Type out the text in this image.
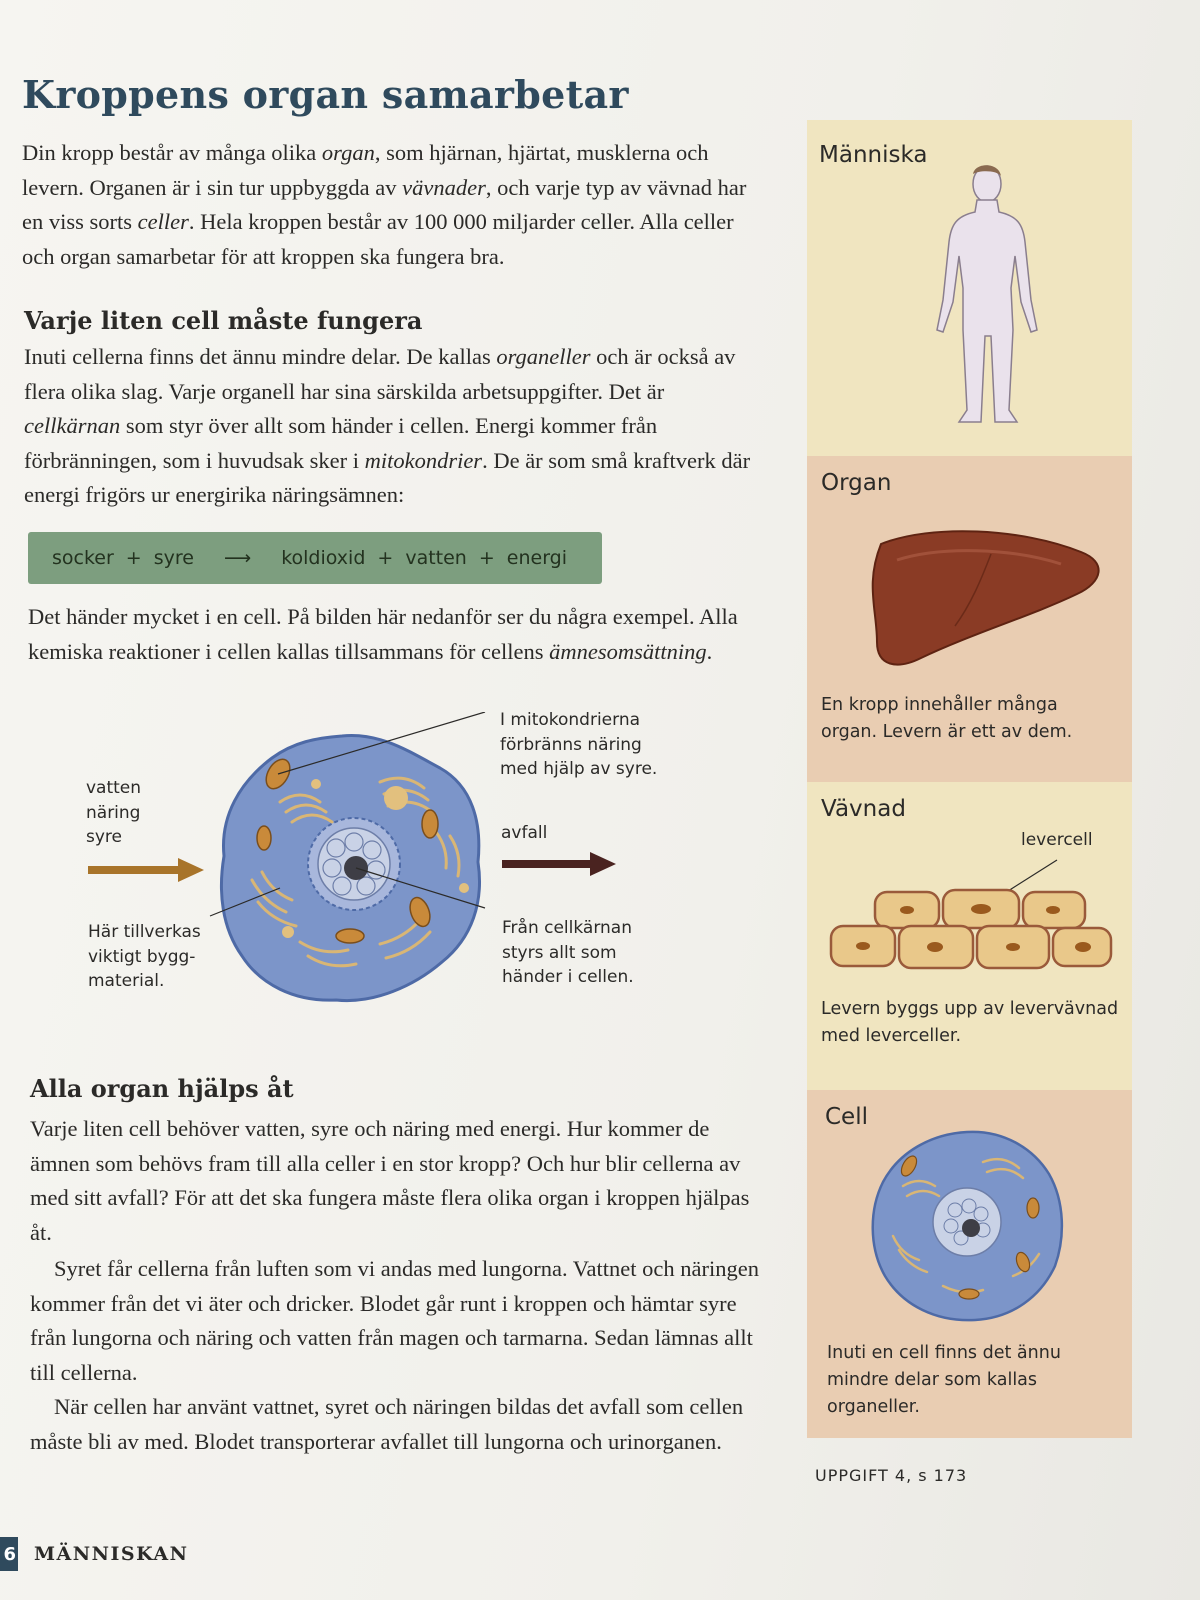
Kroppens organ samarbetar

Din kropp består av många olika organ, som hjärnan, hjärtat, musklerna och levern. Organen är i sin tur uppbyggda av vävnader, och varje typ av vävnad har en viss sorts celler. Hela kroppen består av 100 000 miljarder celler. Alla celler och organ samarbetar för att kroppen ska fungera bra.

Varje liten cell måste fungera

Inuti cellerna finns det ännu mindre delar. De kallas organeller och är också av flera olika slag. Varje organell har sina särskilda arbetsuppgifter. Det är cellkärnan som styr över allt som händer i cellen. Energi kommer från förbränningen, som i huvudsak sker i mitokondrier. De är som små kraftverk där energi frigörs ur energirika näringsämnen:

socker + syre ⟶ koldioxid + vatten + energi

Det händer mycket i en cell. På bilden här nedanför ser du några exempel. Alla kemiska reaktioner i cellen kallas tillsammans för cellens ämnesomsättning.

vatten
näring
syre

I mitokondrierna
förbränns näring
med hjälp av syre.

avfall

Här tillverkas
viktigt bygg-
material.

Från cellkärnan
styrs allt som
händer i cellen.

Alla organ hjälps åt

Varje liten cell behöver vatten, syre och näring med energi. Hur kommer de ämnen som behövs fram till alla celler i en stor kropp? Och hur blir cellerna av med sitt avfall? För att det ska fungera måste flera olika organ i kroppen hjälpas åt.

Syret får cellerna från luften som vi andas med lungorna. Vattnet och näringen kommer från det vi äter och dricker. Blodet går runt i kroppen och hämtar syre från lungorna och näring och vatten från magen och tarmarna. Sedan lämnas allt till cellerna.

När cellen har använt vattnet, syret och näringen bildas det avfall som cellen måste bli av med. Blodet transporterar avfallet till lungorna och urinorganen.

Människa

Organ

En kropp innehåller många
organ. Levern är ett av dem.

Vävnad

levercell

Levern byggs upp av levervävnad
med leverceller.

Cell

Inuti en cell finns det ännu
mindre delar som kallas
organeller.

UPPGIFT 4, s 173

6 MÄNNISKAN
